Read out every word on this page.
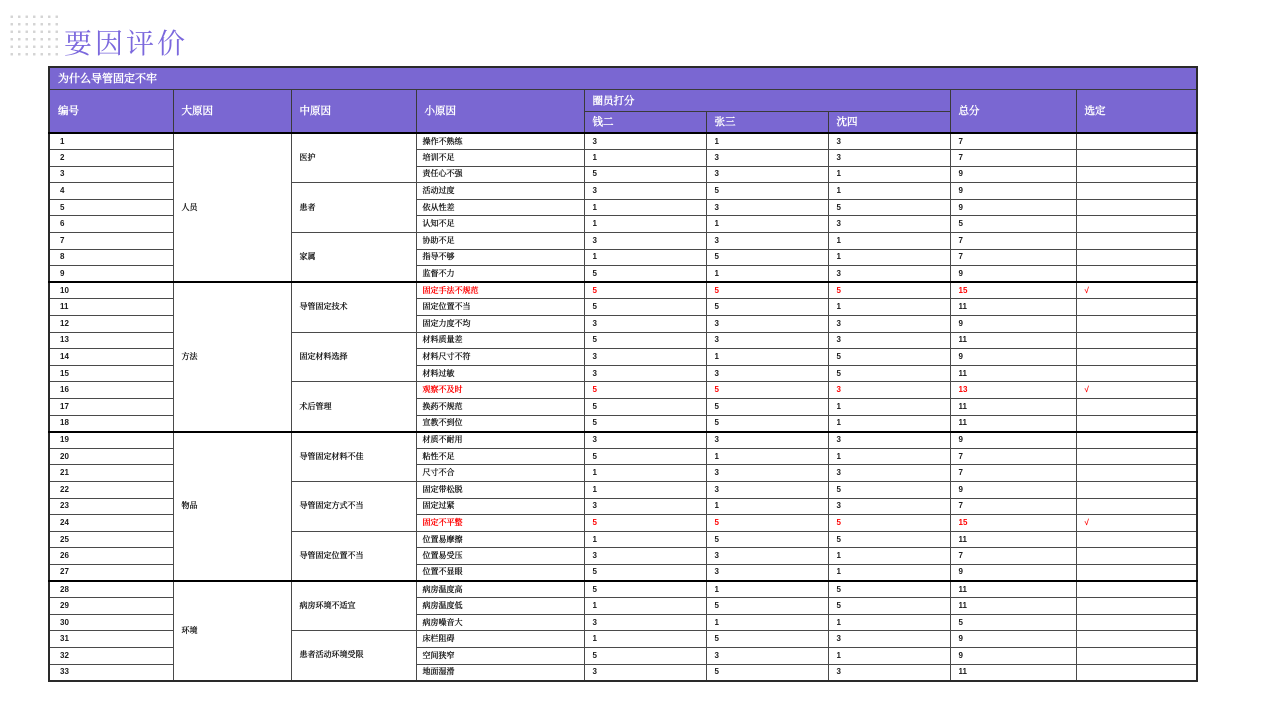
要因评价
为什么导管固定不牢								
编号	大原因	中原因	小原因	圈员打分			总分	选定
				钱二	张三	沈四		
1	人员	医护	操作不熟练	3	1	3	7	
2			培训不足	1	3	3	7	
3			责任心不强	5	3	1	9	
4		患者	活动过度	3	5	1	9	
5			依从性差	1	3	5	9	
6			认知不足	1	1	3	5	
7		家属	协助不足	3	3	1	7	
8			指导不够	1	5	1	7	
9			监督不力	5	1	3	9	
10	方法	导管固定技术	固定手法不规范	5	5	5	15	√
11			固定位置不当	5	5	1	11	
12			固定力度不均	3	3	3	9	
13		固定材料选择	材料质量差	5	3	3	11	
14			材料尺寸不符	3	1	5	9	
15			材料过敏	3	3	5	11	
16		术后管理	观察不及时	5	5	3	13	√
17			换药不规范	5	5	1	11	
18			宣教不到位	5	5	1	11	
19	物品	导管固定材料不佳	材质不耐用	3	3	3	9	
20			粘性不足	5	1	1	7	
21			尺寸不合	1	3	3	7	
22		导管固定方式不当	固定带松脱	1	3	5	9	
23			固定过紧	3	1	3	7	
24			固定不平整	5	5	5	15	√
25		导管固定位置不当	位置易摩擦	1	5	5	11	
26			位置易受压	3	3	1	7	
27			位置不显眼	5	3	1	9	
28	环境	病房环境不适宜	病房温度高	5	1	5	11	
29			病房温度低	1	5	5	11	
30			病房噪音大	3	1	1	5	
31		患者活动环境受限	床栏阻碍	1	5	3	9	
32			空间狭窄	5	3	1	9	
33			地面湿滑	3	5	3	11	
